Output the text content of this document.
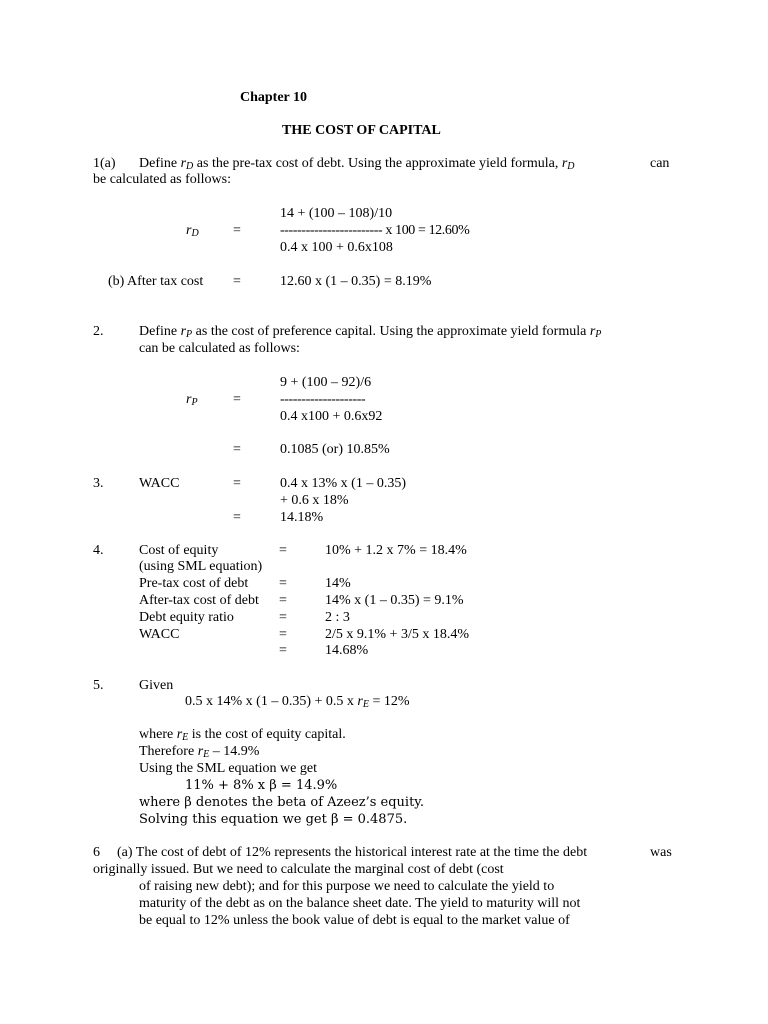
Chapter 10
THE COST OF CAPITAL
1(a) Define rD as the pre-tax cost of debt. Using the approximate yield formula, rD	can
be calculated as follows:
rD =
14 + (100 – 108)/10
------------------------ x 100 = 12.60%
0.4 x 100 + 0.6x108
(b) After tax cost =	12.60 x (1 – 0.35) = 8.19%
2.	Define rP as the cost of preference capital. Using the approximate yield formula rP
can be calculated as follows:
rP	=
9 + (100 – 92)/6
--------------------
0.4 x100 + 0.6x92
=	0.1085 (or) 10.85%
3.	WACC	=	0.4 x 13% x (1 – 0.35)
+ 0.6 x 18%
=	14.18%
4.	Cost of equity	=	10% + 1.2 x 7% = 18.4%
(using SML equation)
Pre-tax cost of debt =	14%
After-tax cost of debt =	14% x (1 – 0.35) = 9.1%
Debt equity ratio	=	2 : 3
WACC	=	2/5 x 9.1% + 3/5 x 18.4%
=	14.68%
5.	Given
0.5 x 14% x (1 – 0.35) + 0.5 x rE = 12%
where rE is the cost of equity capital.
Therefore rE – 14.9%
Using the SML equation we get
11% + 8% x β = 14.9%
where β denotes the beta of Azeez’s equity.
Solving this equation we get β = 0.4875.
6 (a) The cost of debt of 12% represents the historical interest rate at the time the debt	was
originally issued. But we need to calculate the marginal cost of debt (cost
of raising new debt); and for this purpose we need to calculate the yield to
maturity of the debt as on the balance sheet date. The yield to maturity will not
be equal to 12% unless the book value of debt is equal to the market value of
